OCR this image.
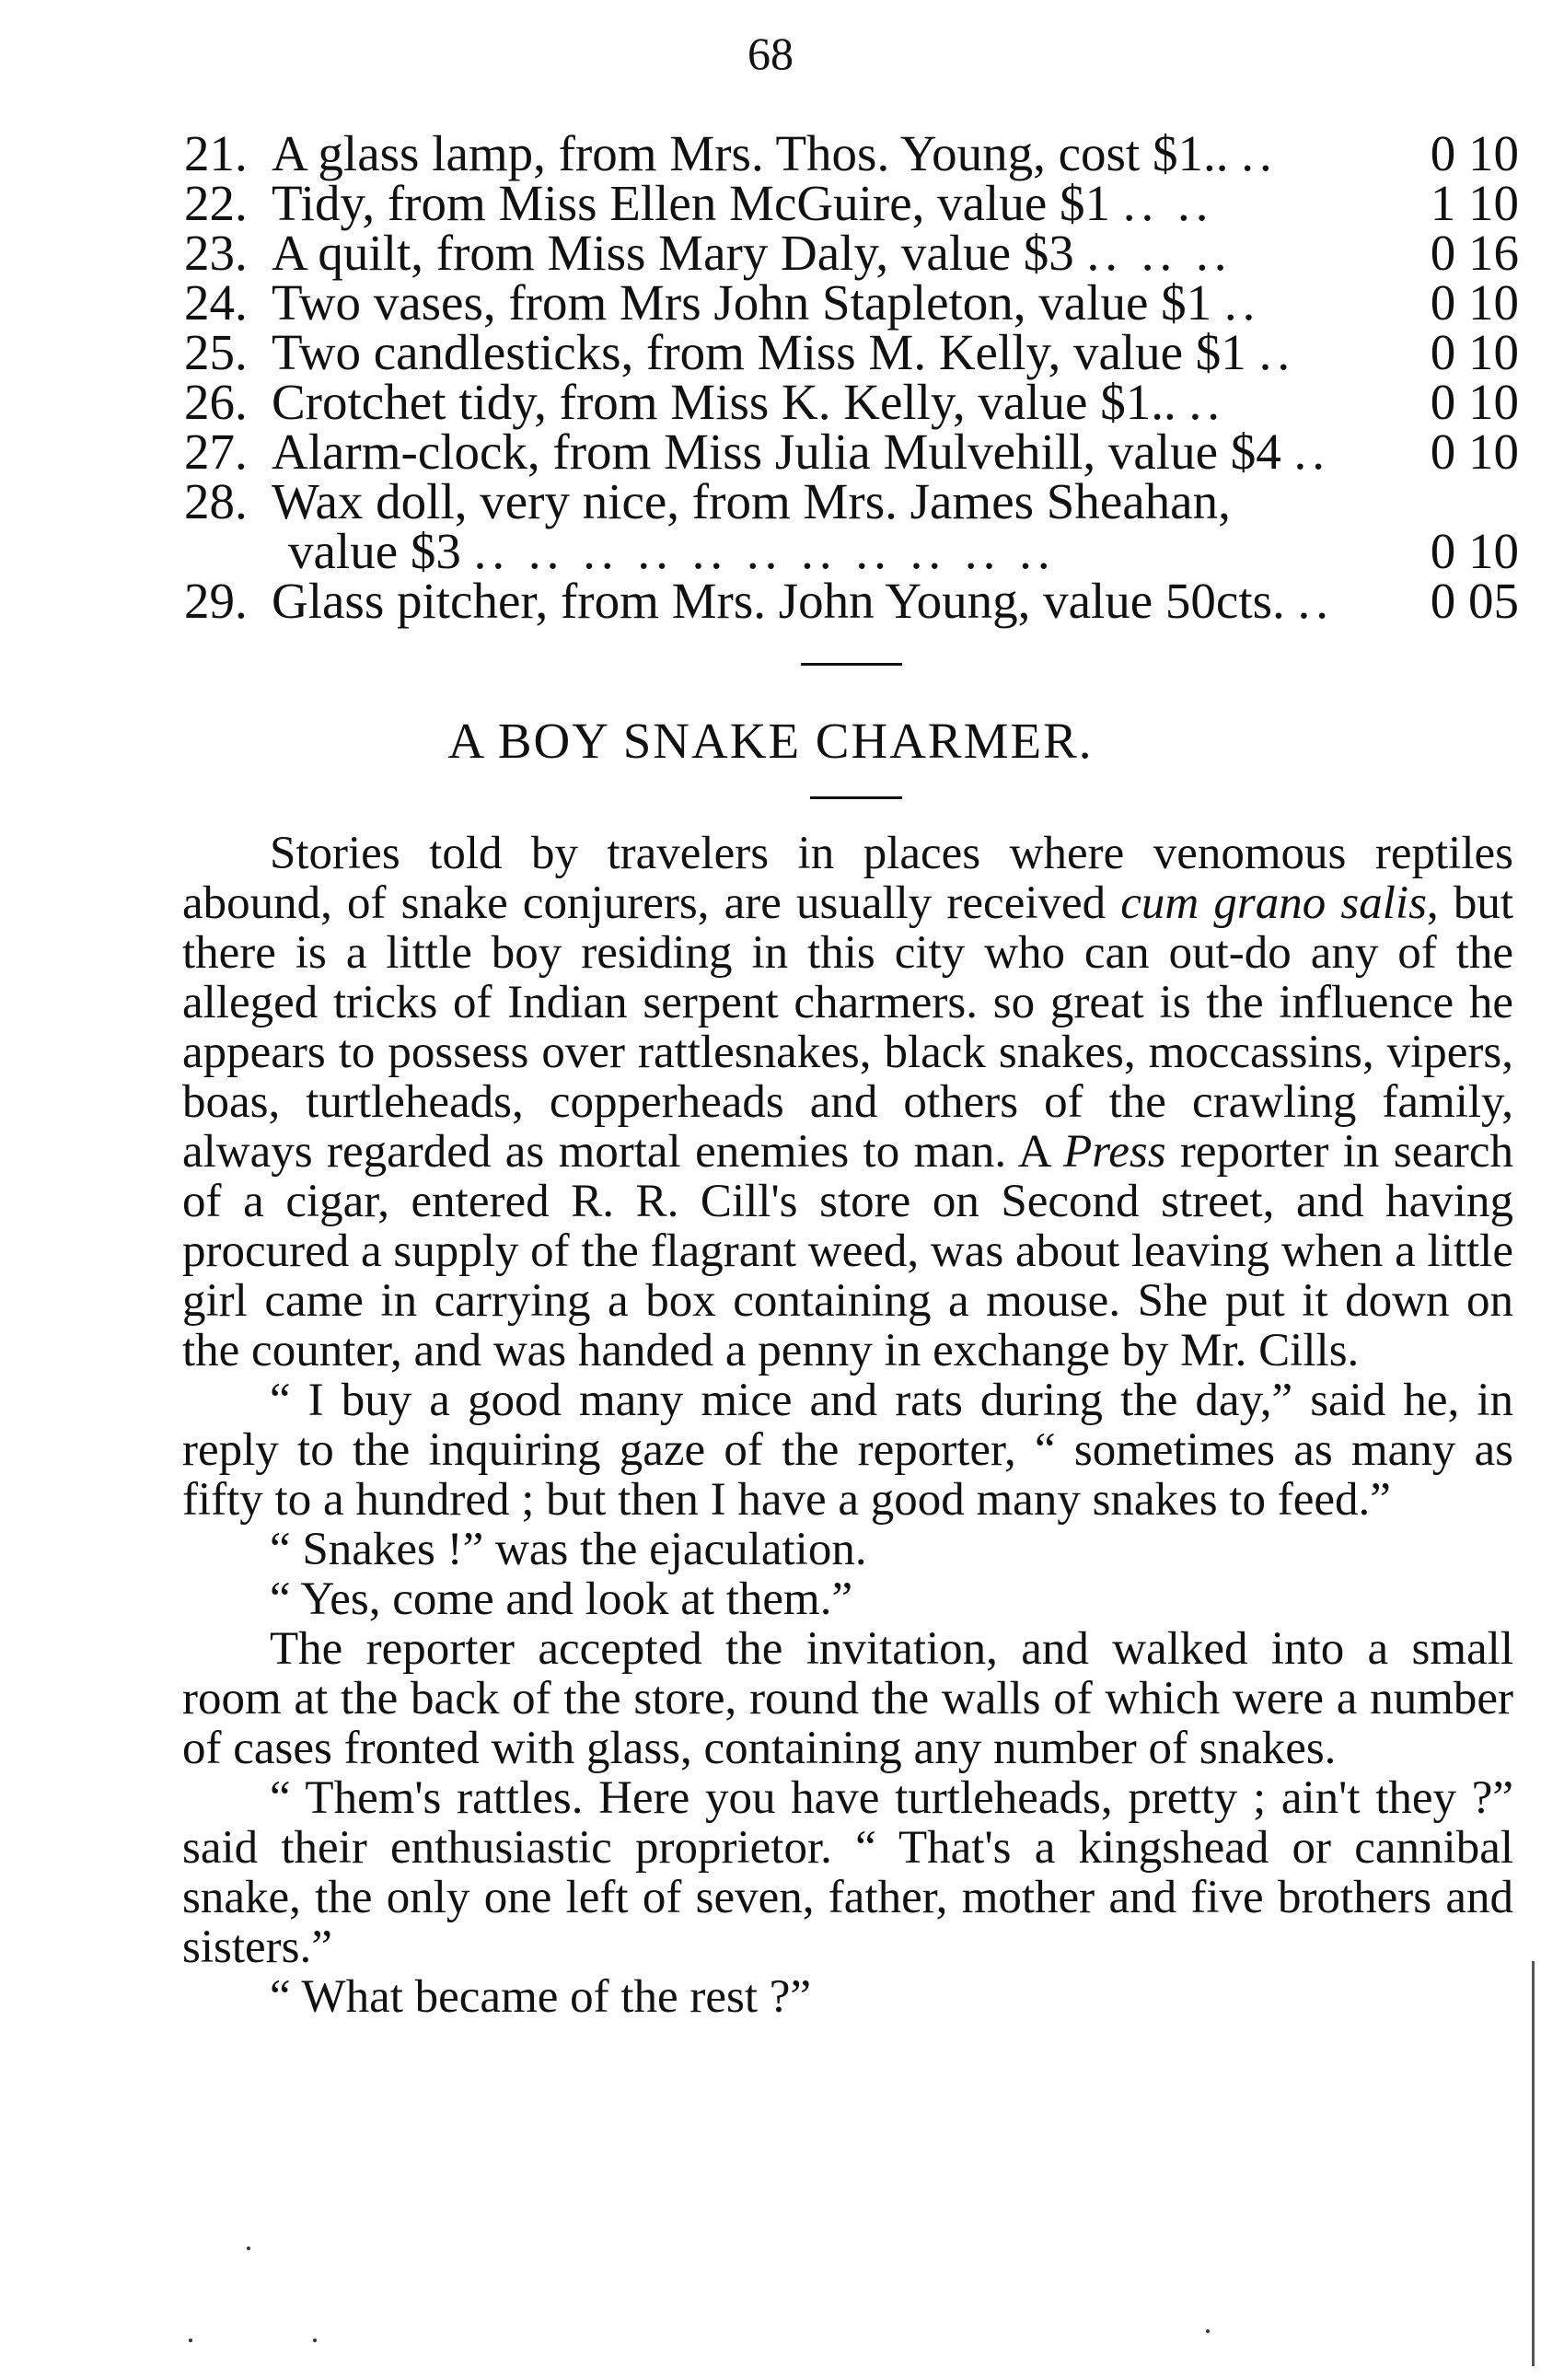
68
21. A glass lamp, from Mrs. Thos. Young, cost $1.. ..	0 10
22. Tidy, from Miss Ellen McGuire, value $1 .. ..	1 10
23. A quilt, from Miss Mary Daly, value $3 .. .. ..	0 16
24. Two vases, from Mrs John Stapleton, value $1 ..	0 10
25. Two candlesticks, from Miss M. Kelly, value $1 ..	0 10
26. Crotchet tidy, from Miss K. Kelly, value $1.. ..	0 10
27. Alarm-clock, from Miss Julia Mulvehill, value $4 ..	0 10
28. Wax doll, very nice, from Mrs. James Sheahan,
value $3 .. .. .. .. .. .. .. .. .. .. ..	0 10
29. Glass pitcher, from Mrs. John Young, value 50cts. ..	0 05
A BOY SNAKE CHARMER.

Stories told by travelers in places where venomous reptiles abound, of snake conjurers, are usually received cum grano salis, but there is a little boy residing in this city who can out-do any of the alleged tricks of Indian serpent charmers. so great is the influence he appears to possess over rattlesnakes, black snakes, moccassins, vipers, boas, turtleheads, copperheads and others of the crawling family, always regarded as mortal enemies to man. A Press reporter in search of a cigar, entered R. R. Cill's store on Second street, and having procured a supply of the flagrant weed, was about leaving when a little girl came in carrying a box containing a mouse. She put it down on the counter, and was handed a penny in exchange by Mr. Cills.

“ I buy a good many mice and rats during the day,” said he, in reply to the inquiring gaze of the reporter, “ sometimes as many as fifty to a hundred ; but then I have a good many snakes to feed.”

“ Snakes !” was the ejaculation.

“ Yes, come and look at them.”

The reporter accepted the invitation, and walked into a small room at the back of the store, round the walls of which were a number of cases fronted with glass, containing any number of snakes.

“ Them's rattles. Here you have turtleheads, pretty ; ain't they ?” said their enthusiastic proprietor. “ That's a kingshead or cannibal snake, the only one left of seven, father, mother and five brothers and sisters.”

“ What became of the rest ?”
